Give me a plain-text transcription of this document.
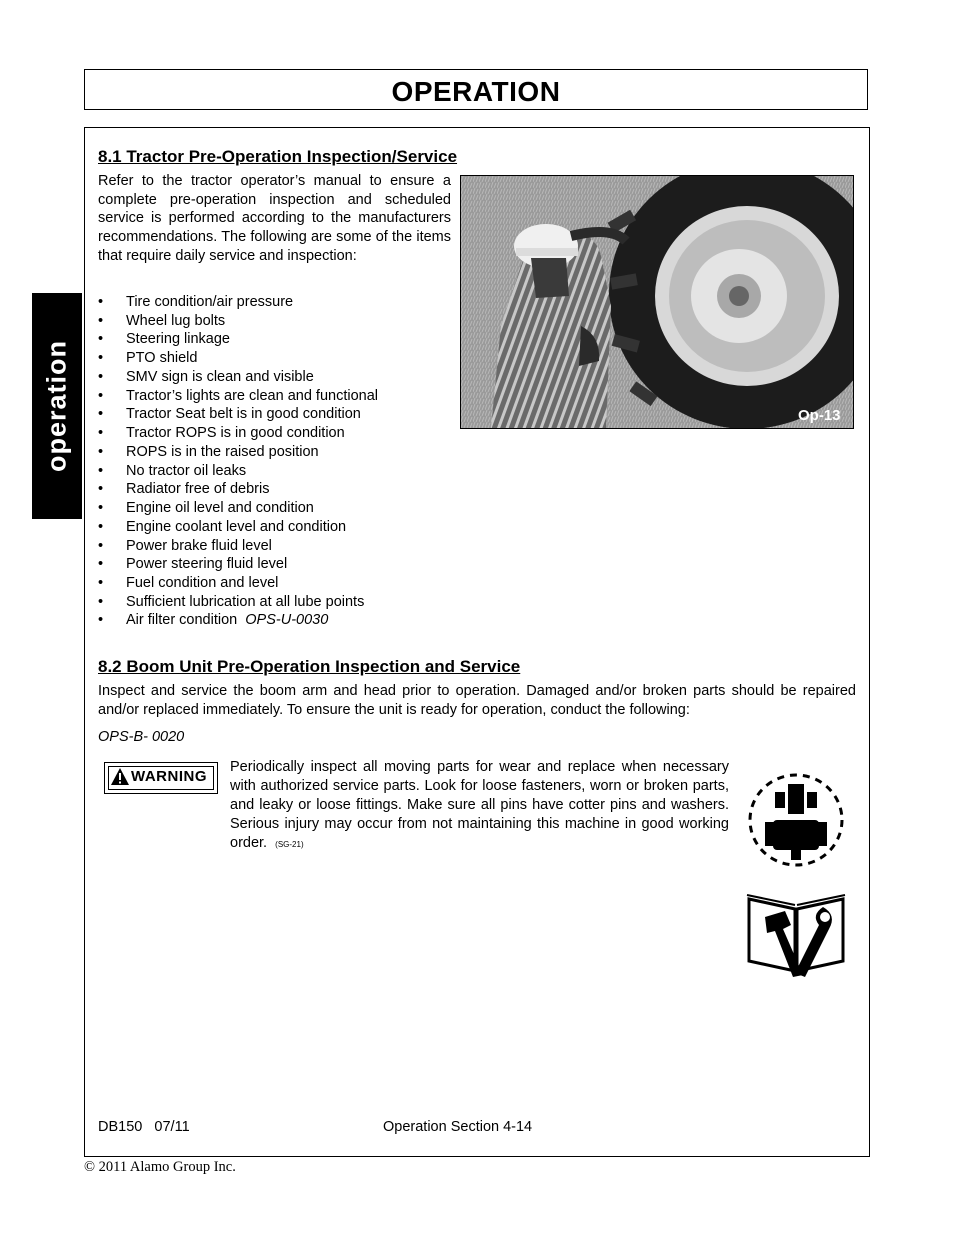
OPERATION
operation
8.1 Tractor Pre-Operation Inspection/Service
Refer to the tractor operator’s manual to ensure a complete pre-operation inspection and scheduled service is performed according to the manufacturers recommendations. The following are some of the items that require daily service and inspection:
• Tire condition/air pressure
• Wheel lug bolts
• Steering linkage
• PTO shield
• SMV sign is clean and visible
• Tractor’s lights are clean and functional
• Tractor Seat belt is in good condition
• Tractor ROPS is in good condition
• ROPS is in the raised position
• No tractor oil leaks
• Radiator free of debris
• Engine oil level and condition
• Engine coolant level and condition
• Power brake fluid level
• Power steering fluid level
• Fuel condition and level
• Sufficient lubrication at all lube points
• Air filter condition OPS-U-0030
Op-13
8.2 Boom Unit Pre-Operation Inspection and Service
Inspect and service the boom arm and head prior to operation. Damaged and/or broken parts should be repaired and/or replaced immediately. To ensure the unit is ready for operation, conduct the following:
OPS-B- 0020
WARNING
Periodically inspect all moving parts for wear and replace when necessary with authorized service parts. Look for loose fasteners, worn or broken parts, and leaky or loose fittings. Make sure all pins have cotter pins and washers. Serious injury may occur from not maintaining this machine in good working order. (SG-21)
DB150   07/11	Operation Section 4-14
© 2011 Alamo Group Inc.
